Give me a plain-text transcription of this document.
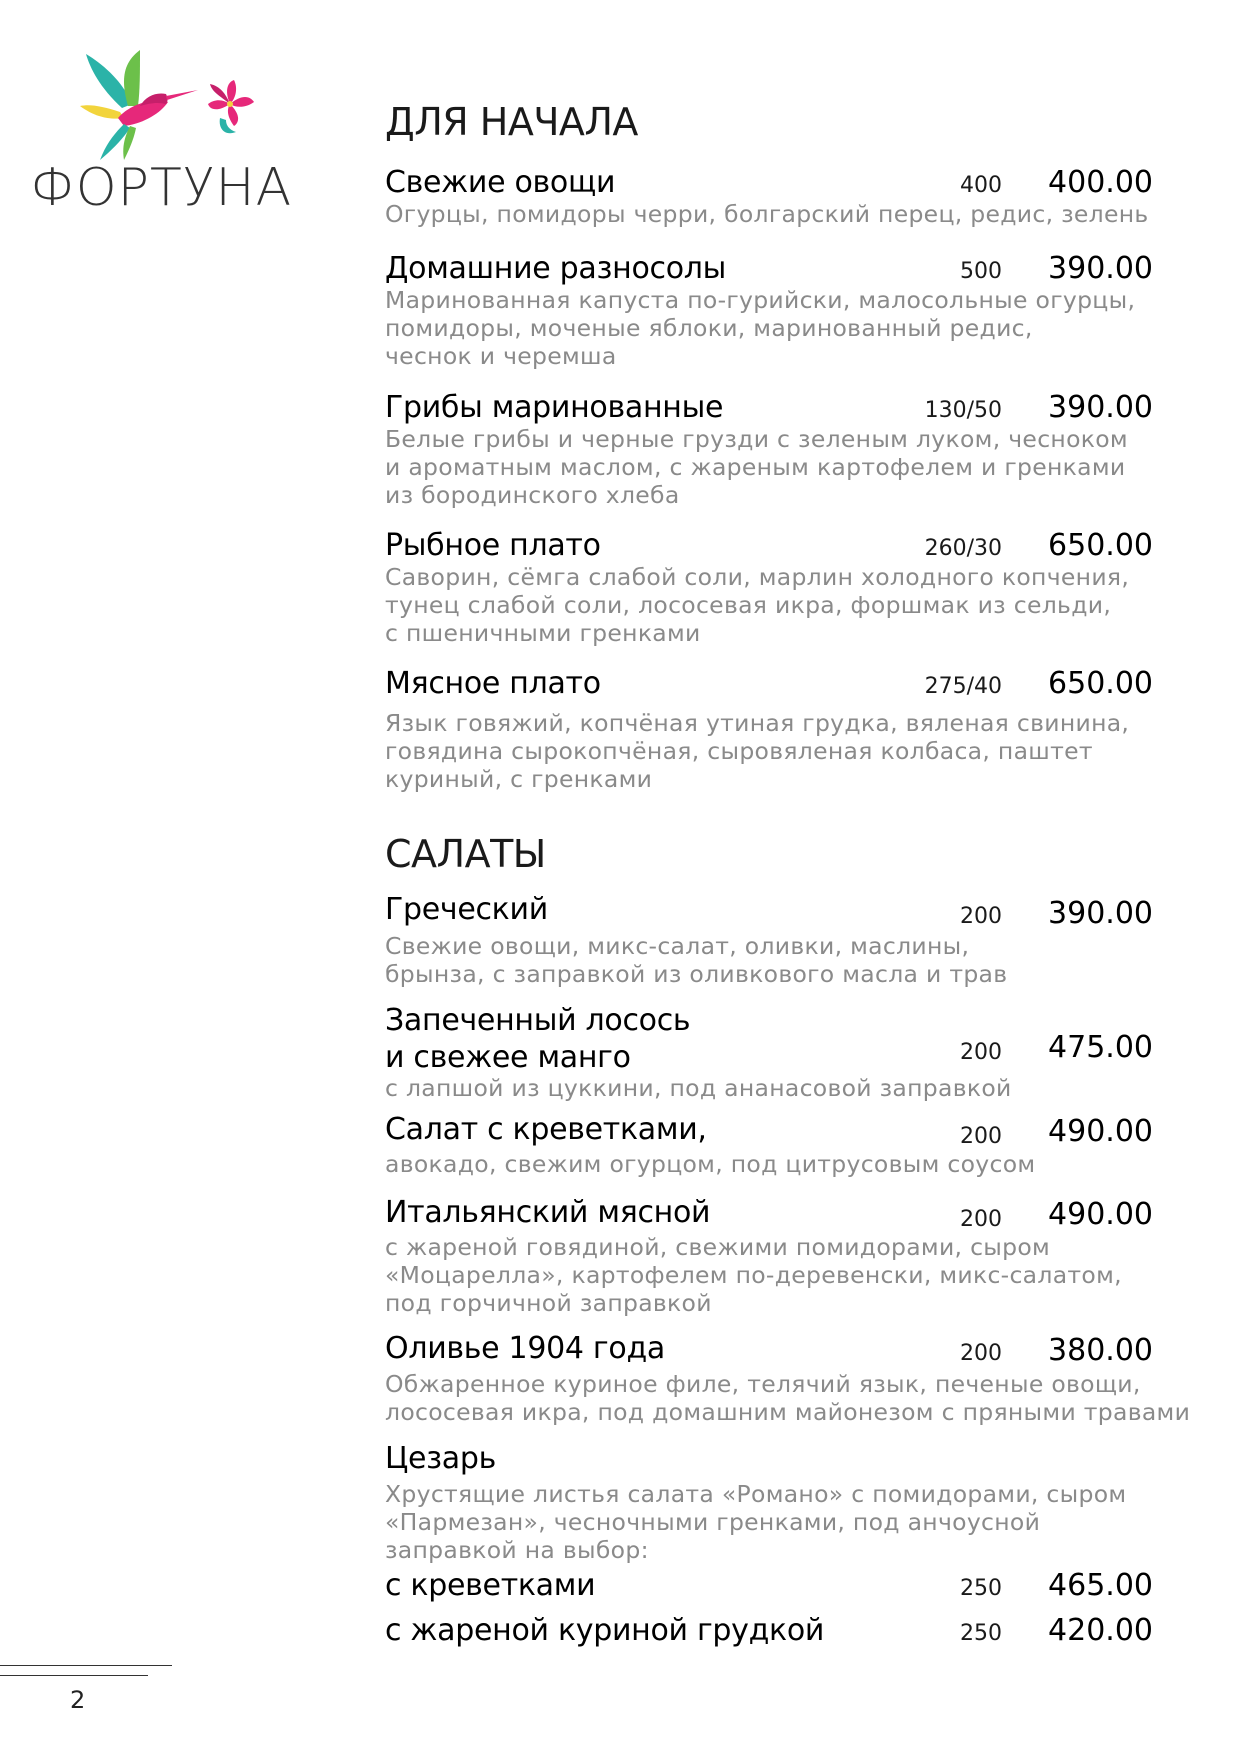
ФОРТУНА
ДЛЯ НАЧАЛА
Свежие овощи	400	400.00
Огурцы, помидоры черри, болгарский перец, редис, зелень
Домашние разносолы	500	390.00
Маринованная капуста по-гурийски, малосольные огурцы,
помидоры, моченые яблоки, маринованный редис,
чеснок и черемша
Грибы маринованные	130/50	390.00
Белые грибы и черные грузди с зеленым луком, чесноком
и ароматным маслом, с жареным картофелем и гренками
из бородинского хлеба
Рыбное плато	260/30	650.00
Саворин, сёмга слабой соли, марлин холодного копчения,
тунец слабой соли, лососевая икра, форшмак из сельди,
с пшеничными гренками
Мясное плато	275/40	650.00
Язык говяжий, копчёная утиная грудка, вяленая свинина,
говядина сырокопчёная, сыровяленая колбаса, паштет
куриный, с гренками
САЛАТЫ
Греческий	200	390.00
Свежие овощи, микс-салат, оливки, маслины,
брынза, с заправкой из оливкового масла и трав
Запеченный лосось
и свежее манго	200	475.00
с лапшой из цуккини, под ананасовой заправкой
Салат с креветками,	200	490.00
авокадо, свежим огурцом, под цитрусовым соусом
Итальянский мясной	200	490.00
с жареной говядиной, свежими помидорами, сыром
«Моцарелла», картофелем по-деревенски, микс-салатом,
под горчичной заправкой
Оливье 1904 года	200	380.00
Обжаренное куриное филе, телячий язык, печеные овощи,
лососевая икра, под домашним майонезом с пряными травами
Цезарь
Хрустящие листья салата «Романо» с помидорами, сыром
«Пармезан», чесночными гренками, под анчоусной
заправкой на выбор:
с креветками	250	465.00
с жареной куриной грудкой	250	420.00
2
